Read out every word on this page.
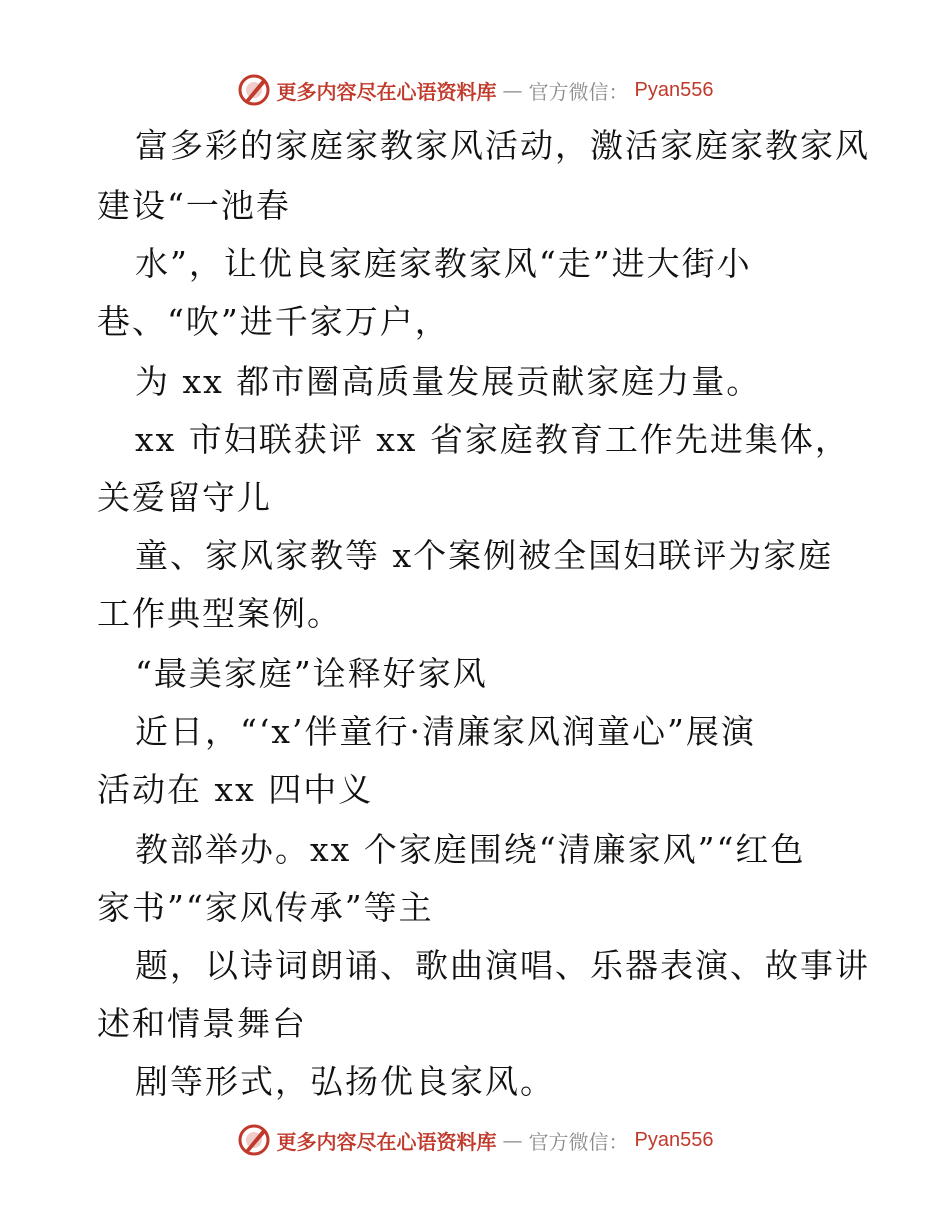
更多内容尽在心语资料库 — 官方微信： Pyan556
富多彩的家庭家教家风活动，激活家庭家教家风
建设“一池春
水”，让优良家庭家教家风“走”进大街小
巷、“吹”进千家万户，
为 xx 都市圈高质量发展贡献家庭力量。
xx 市妇联获评 xx 省家庭教育工作先进集体，
关爱留守儿
童、家风家教等 x个案例被全国妇联评为家庭
工作典型案例。
“最美家庭”诠释好家风
近日，“‘x’伴童行·清廉家风润童心”展演
活动在 xx 四中义
教部举办。xx 个家庭围绕“清廉家风”“红色
家书”“家风传承”等主
题，以诗词朗诵、歌曲演唱、乐器表演、故事讲
述和情景舞台
剧等形式，弘扬优良家风。
更多内容尽在心语资料库 — 官方微信： Pyan556
